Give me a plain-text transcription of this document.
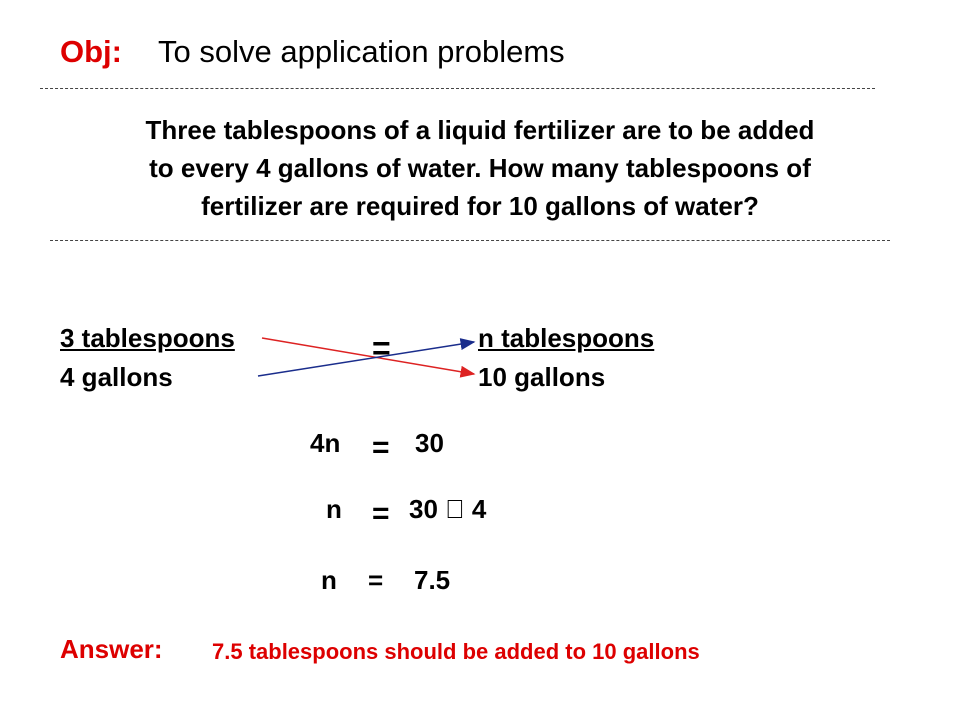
Obj: To solve application problems
Three tablespoons of a liquid fertilizer are to be added
to every 4 gallons of water. How many tablespoons of
fertilizer are required for 10 gallons of water?
3 tablespoons
4 gallons
=	n tablespoons
10 gallons
4n = 30
n = 30 4
n = 7.5
Answer: 7.5 tablespoons should be added to 10 gallons
